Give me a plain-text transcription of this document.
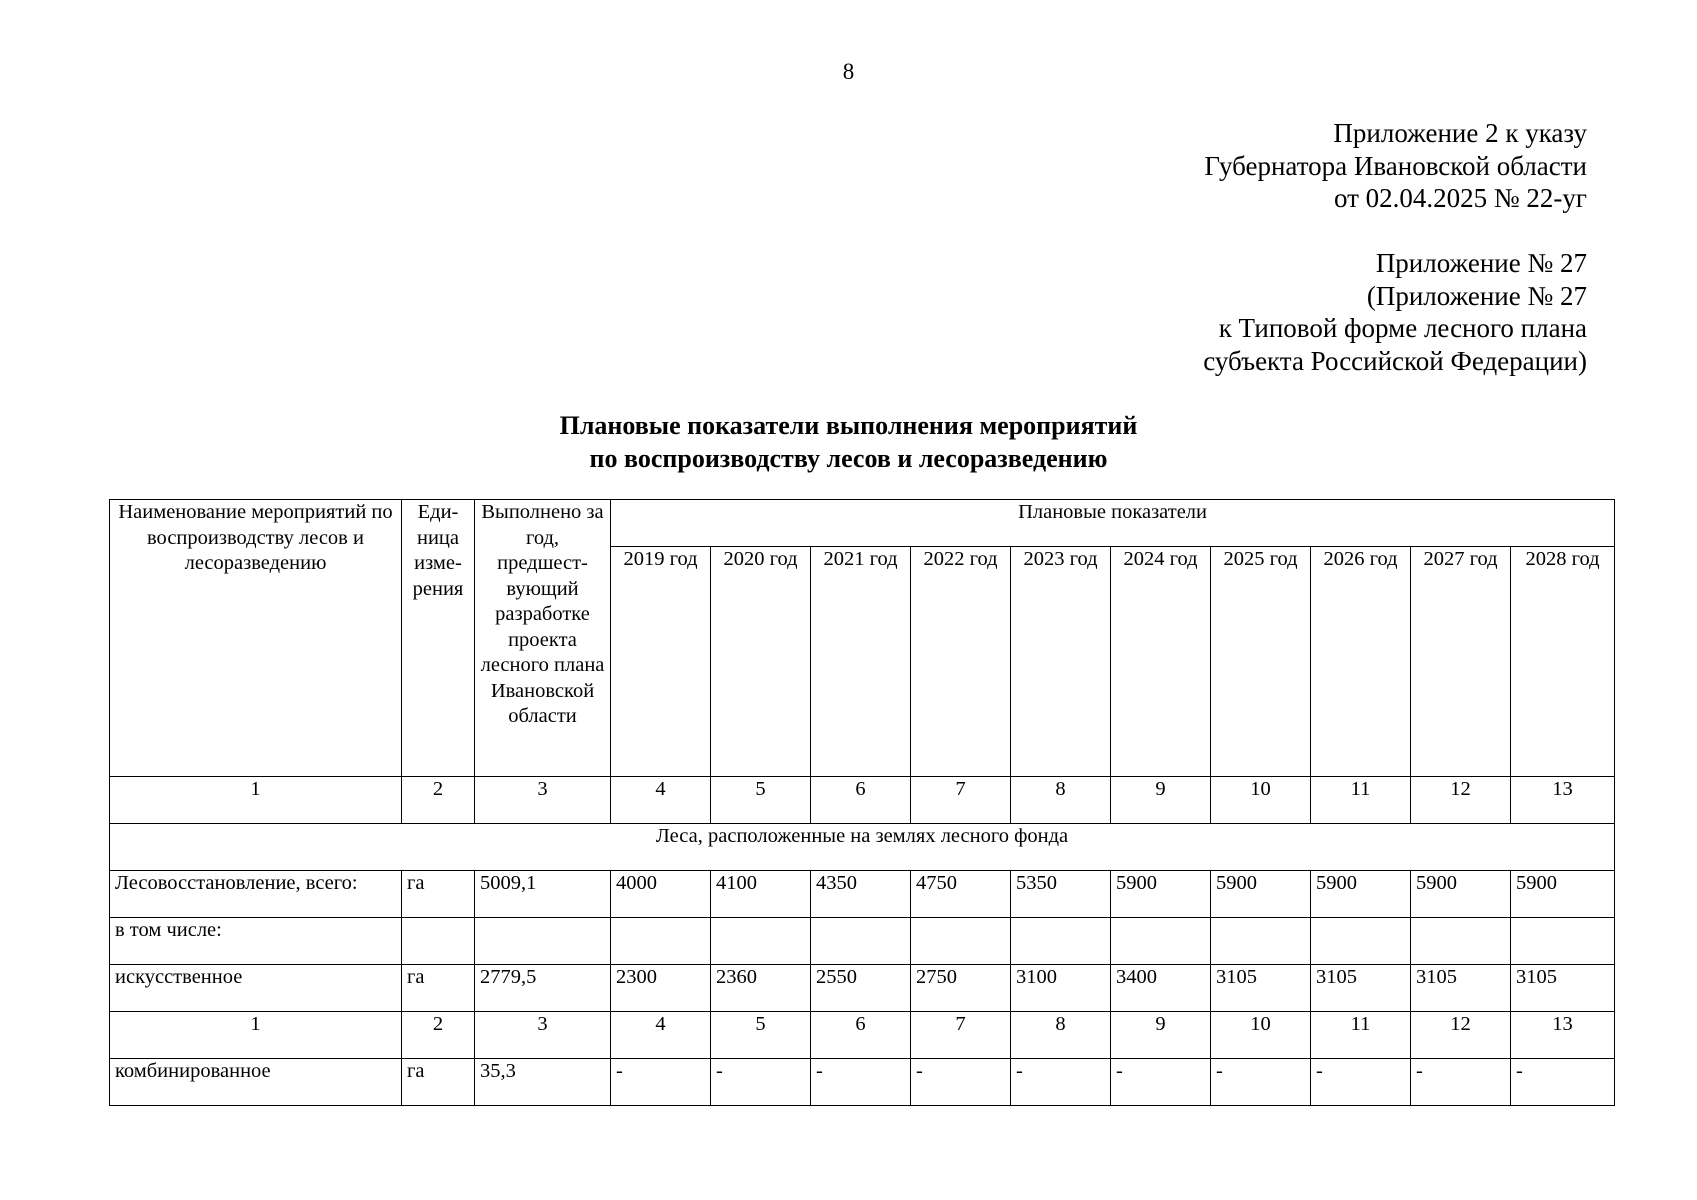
8
Приложение 2 к указу
Губернатора Ивановской области
от 02.04.2025 № 22-уг
Приложение № 27
(Приложение № 27
к Типовой форме лесного плана
субъекта Российской Федерации)
Плановые показатели выполнения мероприятий
по воспроизводству лесов и лесоразведению
Наименование мероприятий по воспроизводству лесов и лесоразведению	Еди-ница изме-рения	Выполнено за год, предшест-вующий разработке проекта лесного плана Ивановской области	Плановые показатели									
			2019 год	2020 год	2021 год	2022 год	2023 год	2024 год	2025 год	2026 год	2027 год	2028 год
1	2	3	4	5	6	7	8	9	10	11	12	13
Леса, расположенные на землях лесного фонда												
Лесовосстановление, всего:	га	5009,1	4000	4100	4350	4750	5350	5900	5900	5900	5900	5900
в том числе:												
искусственное	га	2779,5	2300	2360	2550	2750	3100	3400	3105	3105	3105	3105
1	2	3	4	5	6	7	8	9	10	11	12	13
комбинированное	га	35,3	-	-	-	-	-	-	-	-	-	-
